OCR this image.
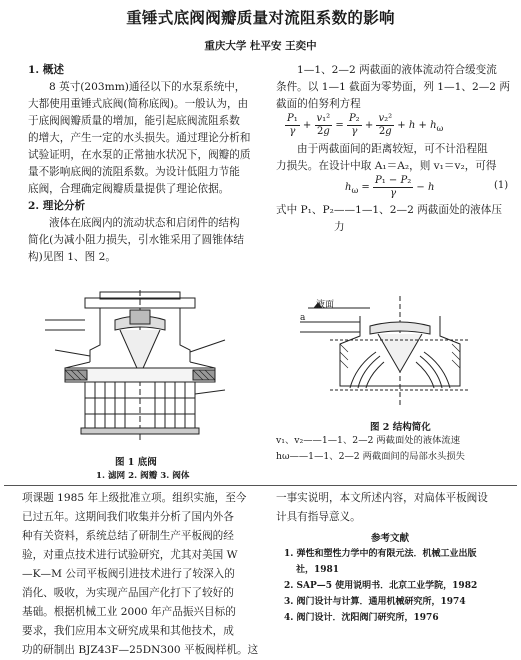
重锤式底阀阀瓣质量对流阻系数的影响
重庆大学 杜平安 王奕中
1. 概述
8 英寸(203mm)通径以下的水泵系统中，
大都使用重锤式底阀(简称底阀)。一般认为，由
于底阀阀瓣质量的增加，能引起底阀流阻系数
的增大，产生一定的水头损失。通过理论分析和
试验证明，在水泵的正常抽水状况下，阀瓣的质
量不影响底阀的流阻系数。为设计低阻力节能
底阀，合理确定阀瓣质量提供了理论依据。
2. 理论分析
液体在底阀内的流动状态和启闭件的结构
简化(为减小阻力损失，引水锥采用了圆锥体结
构)见图 1、图 2。
图 1 底阀
1. 滤网 2. 阀瓣 3. 阀体
1—1、2—2 两截面的液体流动符合缓变流
条件。以 1—1 截面为零势面，列 1—1、2—2 两
截面的伯努利方程
$\frac{\text{P₁}}{\gamma} + \frac{\text{v₁²}}{2g} = \frac{\text{P₂}}{\gamma} + \frac{\text{v₂²}}{2g} + h + h_\omega$
由于两截面间的距离较短，可不计沿程阻
力损失。在设计中取 A₁＝A₂，则 v₁＝v₂，可得
$h_\omega = \frac{\text{P₁ − P₂}}{\gamma} - h$	(1)
式中 P₁、P₂——1—1、2—2 两截面处的液体压
力
a
液面
图 2 结构简化
v₁、v₂——1—1、2—2 两截面处的液体流速
hω——1—1、2—2 两截面间的局部水头损失
项课题 1985 年上级批准立项。组织实施，至今
已过五年。这期间我们收集并分析了国内外各
种有关资料，系统总结了研制生产平板阀的经
验，对重点技术进行试验研究，尤其对美国 W
—K—M 公司平板阀引进技术进行了较深入的
消化、吸收，为实现产品国产化打下了较好的
基础。根据机械工业 2000 年产品振兴目标的
要求，我们应用本文研究成果和其他技术，成
功的研制出 BJZ43F—25DN300 平板阀样机。这
一事实说明，本文所述内容，对扁体平板阀设
计具有指导意义。
参考文献
1. 弹性和塑性力学中的有限元法．机械工业出版
社，1981
2. SAP—5 使用说明书．北京工业学院，1982
3. 阀门设计与计算．通用机械研究所，1974
4. 阀门设计．沈阳阀门研究所，1976
